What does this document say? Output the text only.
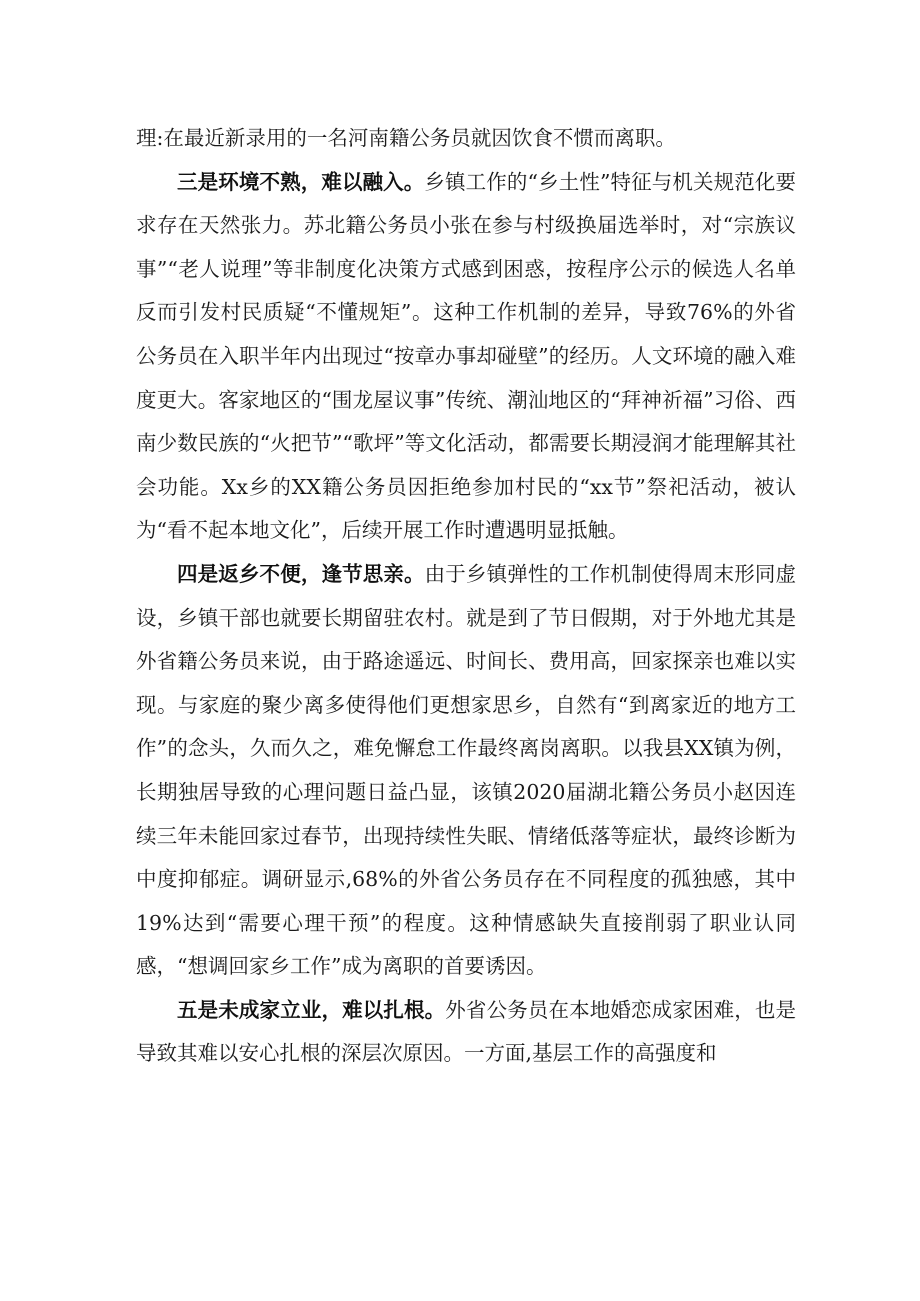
理:在最近新录用的一名河南籍公务员就因饮食不惯而离职。

三是环境不熟，难以融入。乡镇工作的“乡土性”特征与机关规范化要求存在天然张力。苏北籍公务员小张在参与村级换届选举时，对“宗族议事”“老人说理”等非制度化决策方式感到困惑，按程序公示的候选人名单反而引发村民质疑“不懂规矩”。这种工作机制的差异，导致76%的外省公务员在入职半年内出现过“按章办事却碰壁”的经历。人文环境的融入难度更大。客家地区的“围龙屋议事”传统、潮汕地区的“拜神祈福”习俗、西南少数民族的“火把节”“歌坪”等文化活动，都需要长期浸润才能理解其社会功能。Xx乡的XX籍公务员因拒绝参加村民的“xx节”祭祀活动，被认为“看不起本地文化”，后续开展工作时遭遇明显抵触。

四是返乡不便，逢节思亲。由于乡镇弹性的工作机制使得周末形同虚设，乡镇干部也就要长期留驻农村。就是到了节日假期，对于外地尤其是外省籍公务员来说，由于路途遥远、时间长、费用高，回家探亲也难以实现。与家庭的聚少离多使得他们更想家思乡，自然有“到离家近的地方工作”的念头，久而久之，难免懈怠工作最终离岗离职。以我县XX镇为例，长期独居导致的心理问题日益凸显，该镇2020届湖北籍公务员小赵因连续三年未能回家过春节，出现持续性失眠、情绪低落等症状，最终诊断为中度抑郁症。调研显示,68%的外省公务员存在不同程度的孤独感，其中19%达到“需要心理干预”的程度。这种情感缺失直接削弱了职业认同感，“想调回家乡工作”成为离职的首要诱因。

五是未成家立业，难以扎根。外省公务员在本地婚恋成家困难，也是导致其难以安心扎根的深层次原因。一方面,基层工作的高强度和
